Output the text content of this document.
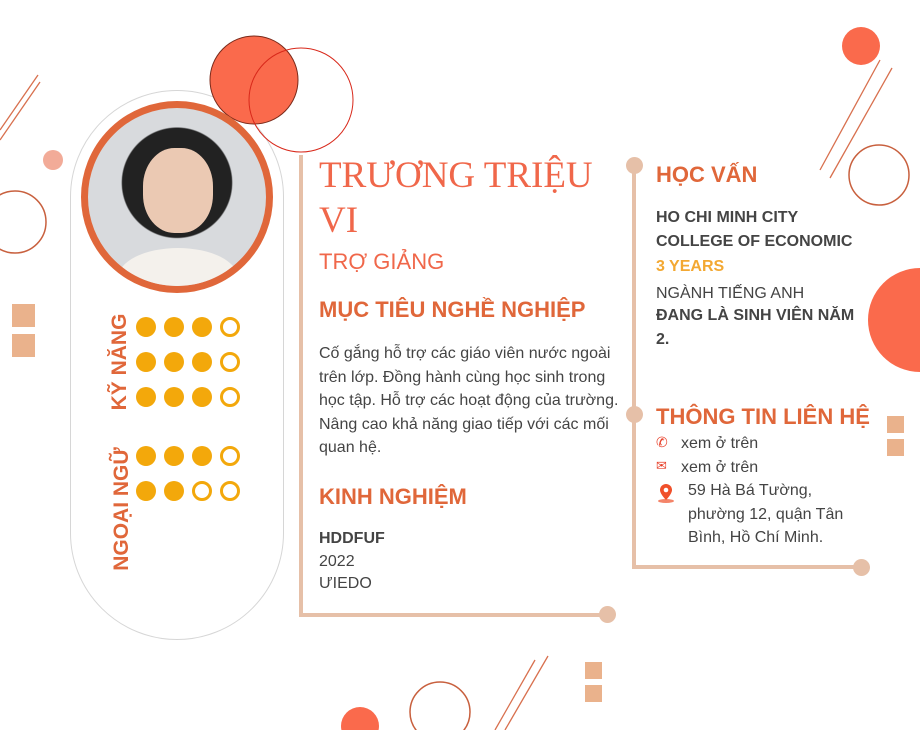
KỸ NĂNG
NGOẠI NGỮ
TRƯƠNG TRIỆU
VI
TRỢ GIẢNG
MỤC TIÊU NGHỀ NGHIỆP
Cố gắng hỗ trợ các giáo viên nước ngoài trên lớp. Đồng hành cùng học sinh trong học tập. Hỗ trợ các hoạt động của trường. Nâng cao khả năng giao tiếp với các mối quan hệ.
KINH NGHIỆM
HDDFUF
2022
ƯIEDO
HỌC VẤN
HO CHI MINH CITY
COLLEGE OF ECONOMIC
3 YEARS
NGÀNH TIẾNG ANH
ĐANG LÀ SINH VIÊN NĂM 2.
THÔNG TIN LIÊN HỆ
✆ xem ở trên
✉ xem ở trên
59 Hà Bá Tường, phường 12, quận Tân Bình, Hồ Chí Minh.
